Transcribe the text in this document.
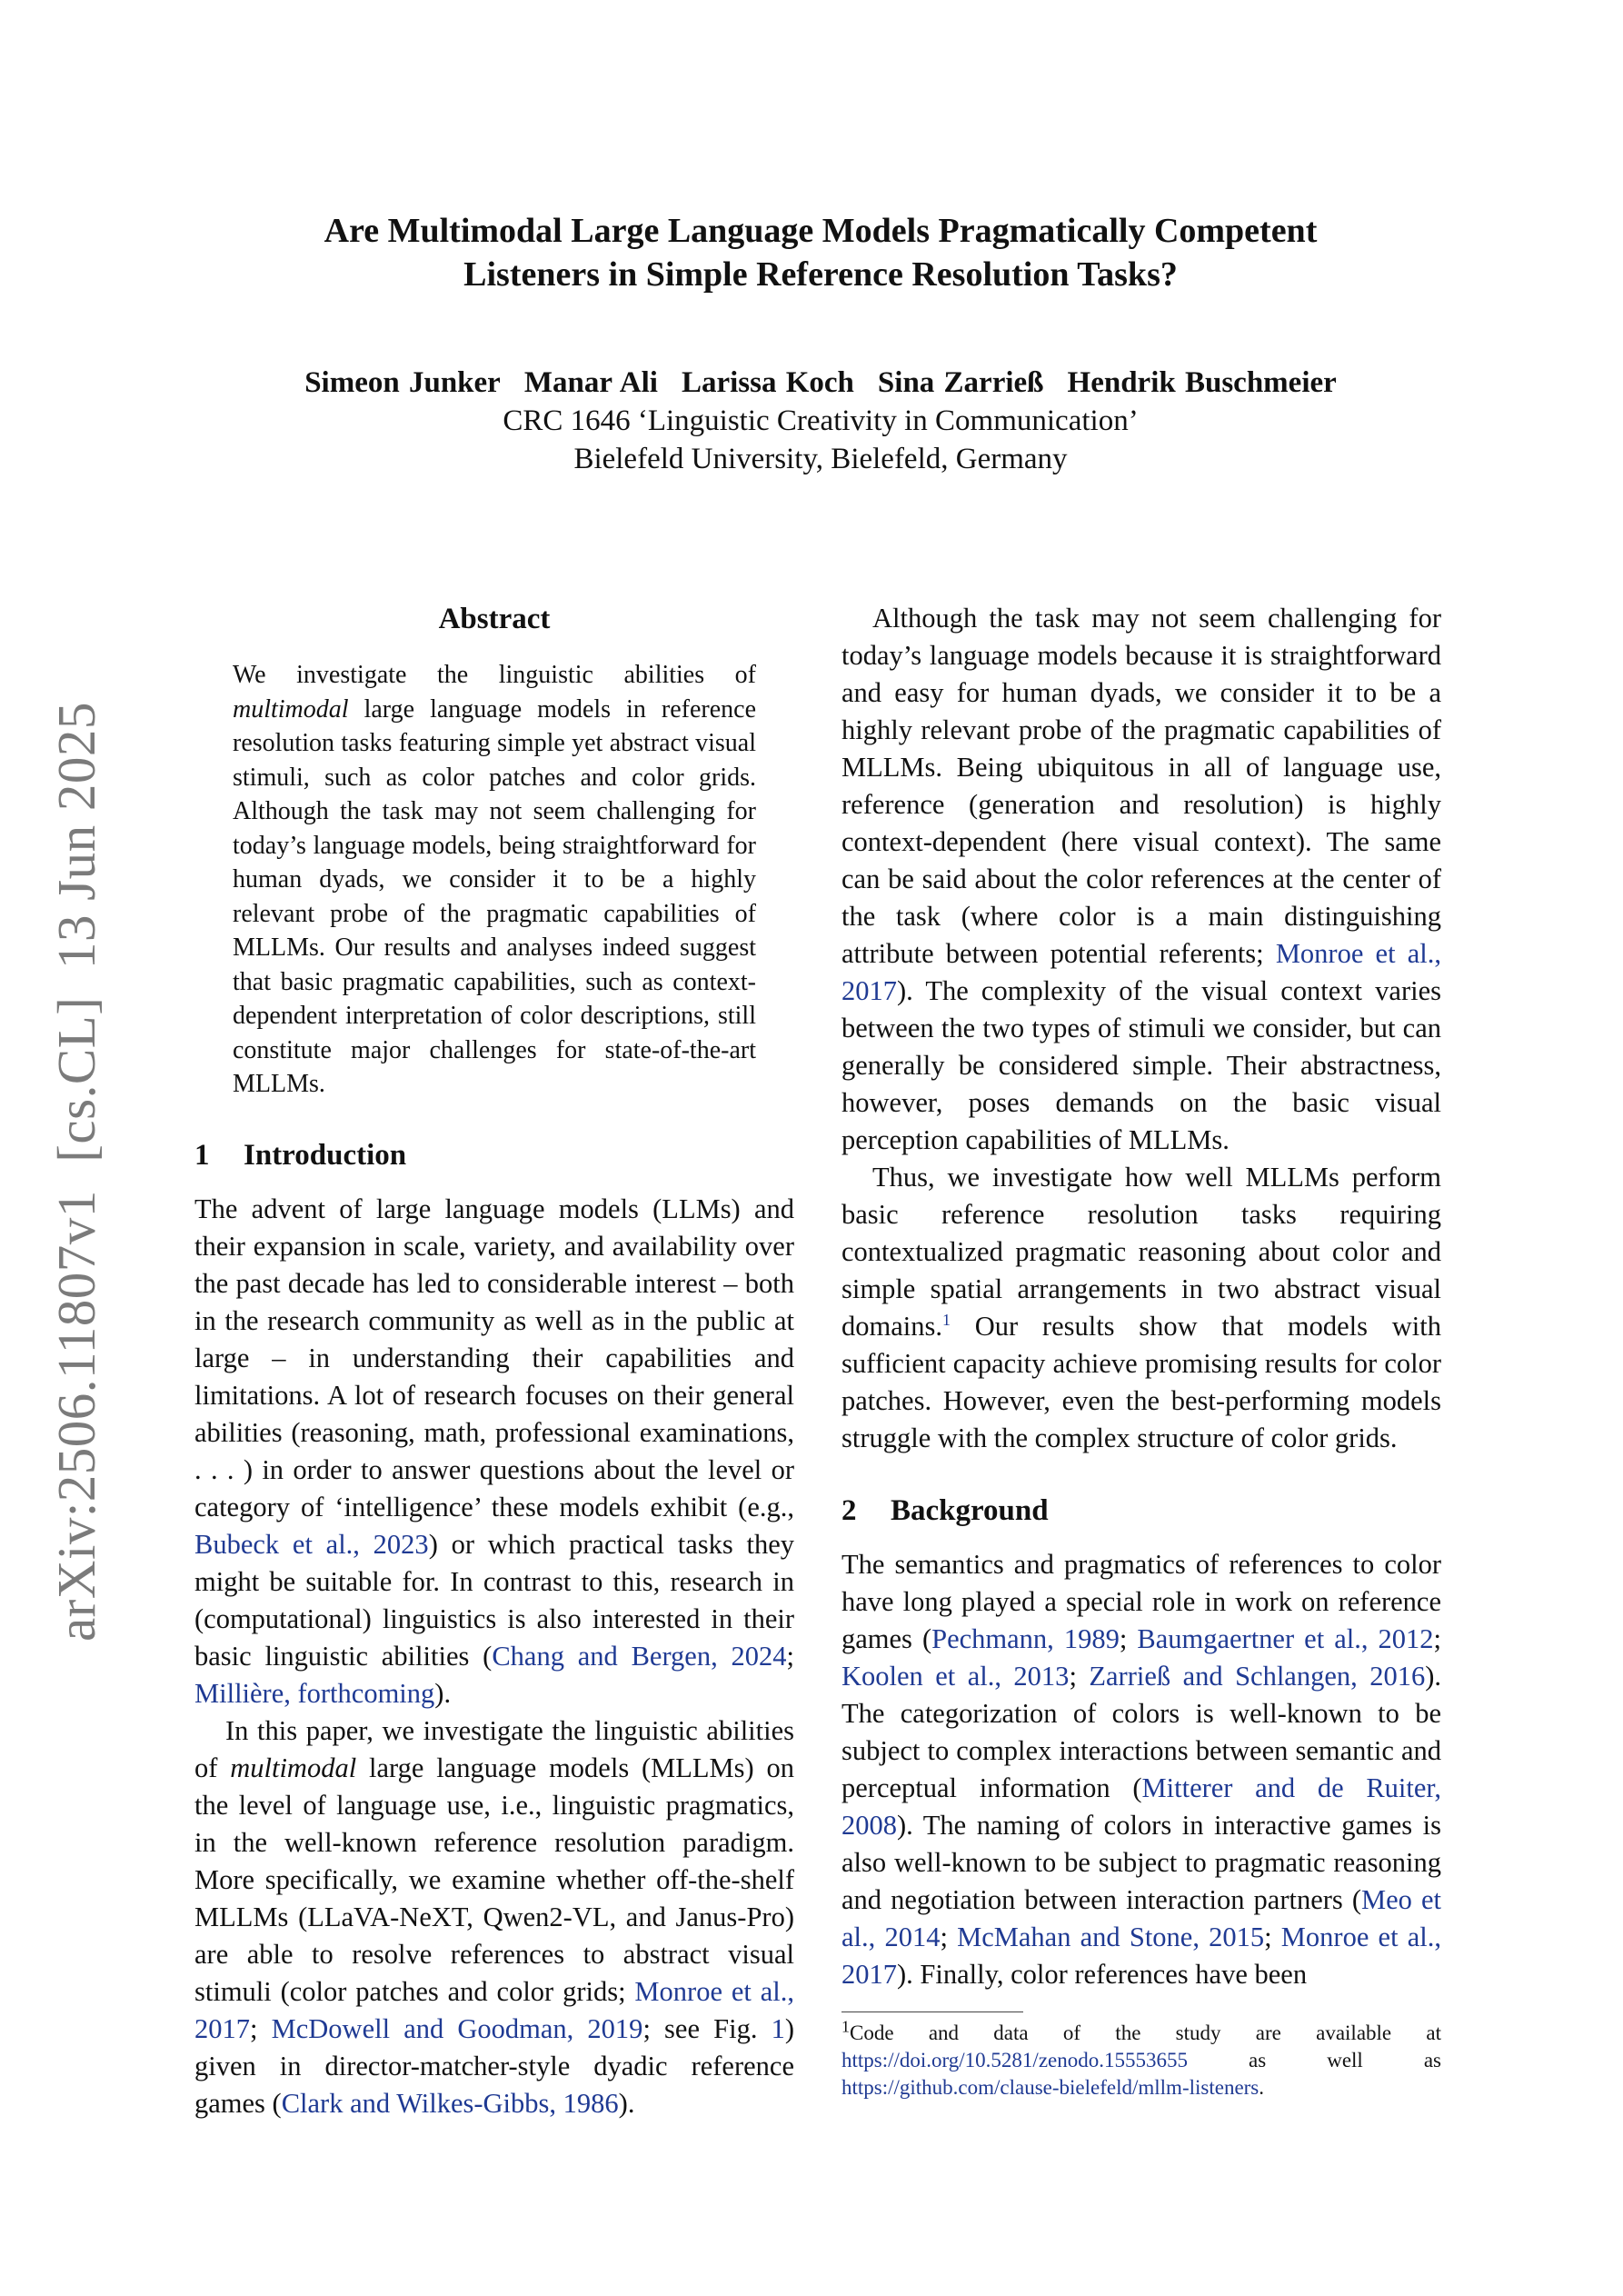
Are Multimodal Large Language Models Pragmatically Competent
Listeners in Simple Reference Resolution Tasks?
Simeon Junker Manar Ali Larissa Koch Sina Zarrieß Hendrik Buschmeier
CRC 1646 ‘Linguistic Creativity in Communication’
Bielefeld University, Bielefeld, Germany
arXiv:2506.11807v1  [cs.CL]  13 Jun 2025
Abstract

We investigate the linguistic abilities of multimodal large language models in reference resolution tasks featuring simple yet abstract visual stimuli, such as color patches and color grids. Although the task may not seem challenging for today’s language models, being straightforward for human dyads, we consider it to be a highly relevant probe of the pragmatic capabilities of MLLMs. Our results and analyses indeed suggest that basic pragmatic capabilities, such as context-dependent interpretation of color descriptions, still constitute major challenges for state-of-the-art MLLMs.

1 Introduction

The advent of large language models (LLMs) and their expansion in scale, variety, and availability over the past decade has led to considerable interest – both in the research community as well as in the public at large – in understanding their capabilities and limitations. A lot of research focuses on their general abilities (reasoning, math, professional examinations, . . . ) in order to answer questions about the level or category of ‘intelligence’ these models exhibit (e.g., Bubeck et al., 2023) or which practical tasks they might be suitable for. In contrast to this, research in (computational) linguistics is also interested in their basic linguistic abilities (Chang and Bergen, 2024; Millière, forthcoming).

In this paper, we investigate the linguistic abilities of multimodal large language models (MLLMs) on the level of language use, i.e., linguistic pragmatics, in the well-known reference resolution paradigm. More specifically, we examine whether off-the-shelf MLLMs (LLaVA-NeXT, Qwen2-VL, and Janus-Pro) are able to resolve references to abstract visual stimuli (color patches and color grids; Monroe et al., 2017; McDowell and Goodman, 2019; see Fig. 1) given in director-matcher-style dyadic reference games (Clark and Wilkes-Gibbs, 1986).

Although the task may not seem challenging for today’s language models because it is straightforward and easy for human dyads, we consider it to be a highly relevant probe of the pragmatic capabilities of MLLMs. Being ubiquitous in all of language use, reference (generation and resolution) is highly context-dependent (here visual context). The same can be said about the color references at the center of the task (where color is a main distinguishing attribute between potential referents; Monroe et al., 2017). The complexity of the visual context varies between the two types of stimuli we consider, but can generally be considered simple. Their abstractness, however, poses demands on the basic visual perception capabilities of MLLMs.

Thus, we investigate how well MLLMs perform basic reference resolution tasks requiring contextualized pragmatic reasoning about color and simple spatial arrangements in two abstract visual domains.$^1$ Our results show that models with sufficient capacity achieve promising results for color patches. However, even the best-performing models struggle with the complex structure of color grids.

2 Background

The semantics and pragmatics of references to color have long played a special role in work on reference games (Pechmann, 1989; Baumgaertner et al., 2012; Koolen et al., 2013; Zarrieß and Schlangen, 2016). The categorization of colors is well-known to be subject to complex interactions between semantic and perceptual information (Mitterer and de Ruiter, 2008). The naming of colors in interactive games is also well-known to be subject to pragmatic reasoning and negotiation between interaction partners (Meo et al., 2014; McMahan and Stone, 2015; Monroe et al., 2017). Finally, color references have been

$^1$Code and data of the study are available at https://doi.org/10.5281/zenodo.15553655 as well as https://github.com/clause-bielefeld/mllm-listeners.
